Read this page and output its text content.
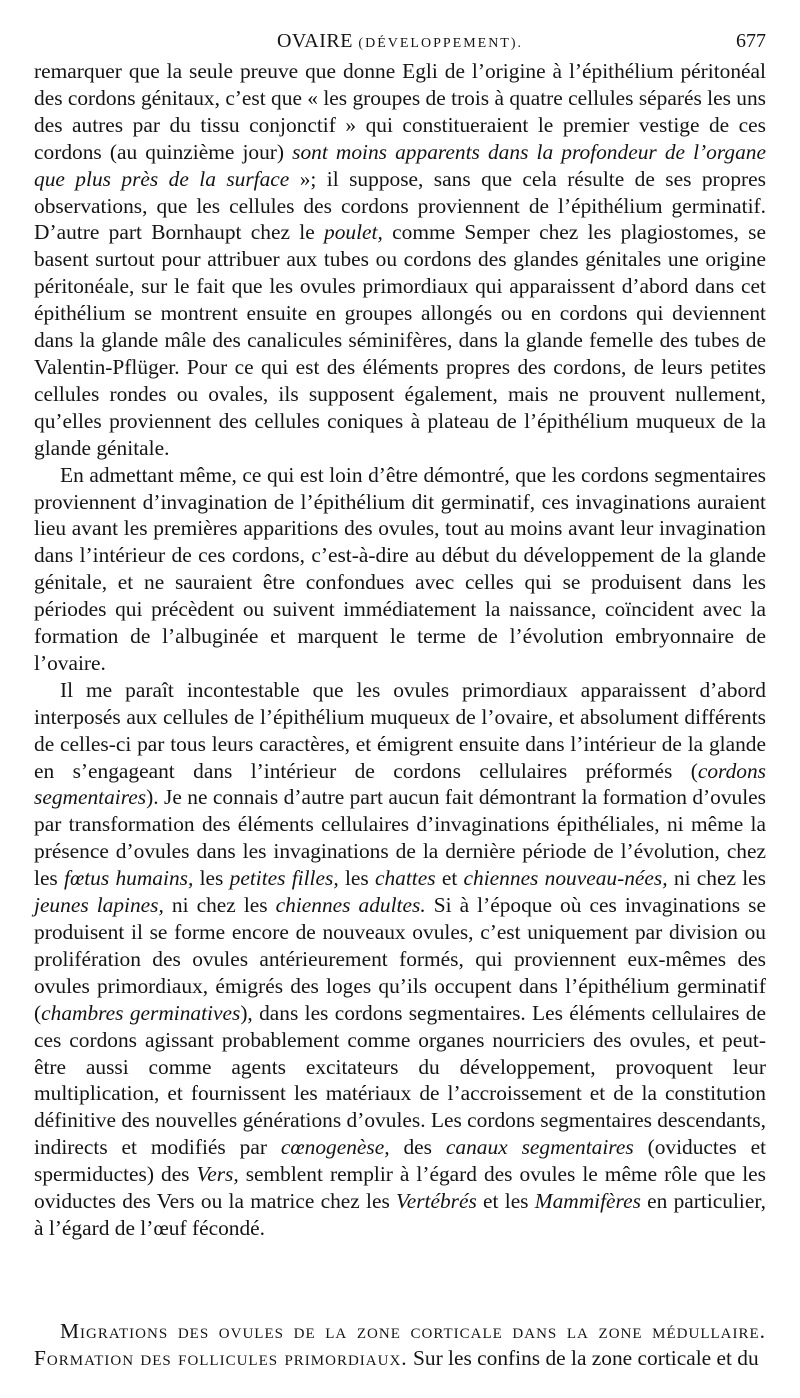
OVAIRE (DÉVELOPPEMENT).	677

remarquer que la seule preuve que donne Egli de l’origine à l’épithélium péritonéal des cordons génitaux, c’est que « les groupes de trois à quatre cellules séparés les uns des autres par du tissu conjonctif » qui constitueraient le premier vestige de ces cordons (au quinzième jour) sont moins apparents dans la profondeur de l’organe que plus près de la surface »; il suppose, sans que cela résulte de ses propres observations, que les cellules des cordons proviennent de l’épithélium germinatif. D’autre part Bornhaupt chez le poulet, comme Semper chez les plagiostomes, se basent surtout pour attribuer aux tubes ou cordons des glandes génitales une origine péritonéale, sur le fait que les ovules primordiaux qui apparaissent d’abord dans cet épithélium se montrent ensuite en groupes allongés ou en cordons qui deviennent dans la glande mâle des canalicules séminifères, dans la glande femelle des tubes de Valentin-Pflüger. Pour ce qui est des éléments propres des cordons, de leurs petites cellules rondes ou ovales, ils supposent également, mais ne prouvent nullement, qu’elles proviennent des cellules coniques à plateau de l’épithélium muqueux de la glande génitale.

En admettant même, ce qui est loin d’être démontré, que les cordons segmentaires proviennent d’invagination de l’épithélium dit germinatif, ces invaginations auraient lieu avant les premières apparitions des ovules, tout au moins avant leur invagination dans l’intérieur de ces cordons, c’est-à-dire au début du développement de la glande génitale, et ne sauraient être confondues avec celles qui se produisent dans les périodes qui précèdent ou suivent immédiatement la naissance, coïncident avec la formation de l’albuginée et marquent le terme de l’évolution embryonnaire de l’ovaire.

Il me paraît incontestable que les ovules primordiaux apparaissent d’abord interposés aux cellules de l’épithélium muqueux de l’ovaire, et absolument différents de celles-ci par tous leurs caractères, et émigrent ensuite dans l’intérieur de la glande en s’engageant dans l’intérieur de cordons cellulaires préformés (cordons segmentaires). Je ne connais d’autre part aucun fait démontrant la formation d’ovules par transformation des éléments cellulaires d’invaginations épithéliales, ni même la présence d’ovules dans les invaginations de la dernière période de l’évolution, chez les fœtus humains, les petites filles, les chattes et chiennes nouveau-nées, ni chez les jeunes lapines, ni chez les chiennes adultes. Si à l’époque où ces invaginations se produisent il se forme encore de nouveaux ovules, c’est uniquement par division ou prolifération des ovules antérieurement formés, qui proviennent eux-mêmes des ovules primordiaux, émigrés des loges qu’ils occupent dans l’épithélium germinatif (chambres germinatives), dans les cordons segmentaires. Les éléments cellulaires de ces cordons agissant probablement comme organes nourriciers des ovules, et peut-être aussi comme agents excitateurs du développement, provoquent leur multiplication, et fournissent les matériaux de l’accroissement et de la constitution définitive des nouvelles générations d’ovules. Les cordons segmentaires descendants, indirects et modifiés par cœnogenèse, des canaux segmentaires (oviductes et spermiductes) des Vers, semblent remplir à l’égard des ovules le même rôle que les oviductes des Vers ou la matrice chez les Vertébrés et les Mammifères en particulier, à l’égard de l’œuf fécondé.

Migrations des ovules de la zone corticale dans la zone médullaire. Formation des follicules primordiaux. Sur les confins de la zone corticale et du
